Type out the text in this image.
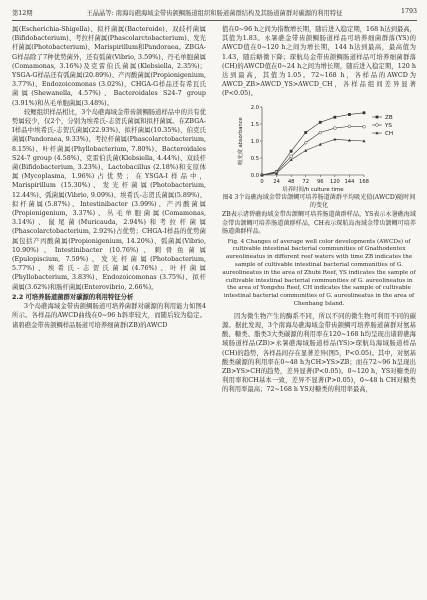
第12期	王晶晶等: 南海岛礁海域金带齿颌鲷肠道组织和肠道菌群结构及其肠道菌群对碳源的利用特征	1793

属(Escherichia-Shigella)、拟杆菌属(Bacteroide)、双歧杆菌属(Bifidobacterium)、考拉杆菌属(Phascolarctobacterium)、发光杆菌属(Photobacterium)、Marispirillum和Pandoraea。ZBGA-G样品除了7种优势菌外，还有弧菌(Vibrio, 3.59%)、丹毛单胞菌属(Comamonas, 3.16%)及克雷伯氏菌属(Klebsiella, 2.35%)；YSGA-G样品还有弧菌属(20.89%)、产丙酸菌属(Propionigenium, 3.77%)、Endozoicomonas (3.02%)，CHGA-G样品还有希瓦氏菌属(Shewanella, 4.57%)、Bacteroidales S24-7 group (3.91%)和丛毛单胞菌属(3.48%)。

较鲤组织样品相比，3个岛礁海域金带齿颌鲷肠道样品中的共有优势属较少，仅2个，分别为埃希氏-志贺氏菌属和拟杆菌属。在ZBGA-I样品中埃希氏-志贺氏菌属(22.93%)、拟杆菌属(10.35%)、伯克氏菌属(Pandoraea, 9.33%)、考拉杆菌属(Phascolarctobacterium, 8.15%)、叶杆菌属(Phyllobacterium, 7.80%)、Bacteroidales S24-7 group (4.58%)、克雷伯氏菌(Klebsiella, 4.44%)、双歧杆菌(Bifidobacterium, 3.23%)、Lactobacillus (2.18%)和支原体属(Mycoplasma, 1.96%)占优势；在YSGA-I样品中，Marispirillum (15.30%)、发光杆菌属(Photobacterium, 12.44%)、弧菌属(Vibrio, 9.09%)、埃希氏-志贺氏菌属(5.89%)、拟杆菌属(5.87%)、Intestinibacter (3.99%)、产丙酸菌属(Propionigenium, 3.37%)、丛毛单胞菌属(Comamonas, 3.14%)、鼠尾菌(Muricauda, 2.94%)和考拉杆菌属(Phascolarctobacterium, 2.92%)占优势；CHGA-I样品的优势菌属包括产丙酸菌属(Propionigenium, 14.20%)、弧菌属(Vibrio, 10.90%)、Intestinibacter (10.76%)、刺骨鱼菌属(Epulopiscium, 7.59%)、发光杆菌属(Photobacterium, 5.77%)、埃希氏-志贺氏菌属(4.76%)、叶杆菌属(Phyllobacterium, 3.83%)、Endozoicomonas (3.75%)、拟杆菌属(3.62%)和肠杆菌属(Enterovibrio, 2.66%)。

2.2 可培养肠道菌群对碳源的利用特征分析

3个岛礁海域金带齿颌鲷肠道可培养菌群对碳源的利用能力如图4所示。各样品的AWCD曲线在0~96 h斜率较大，而随后较为稳定。诸碧礁金带齿颌鲷样品肠道可培养细菌群(ZB)的AWCD

值在0~96 h之间为指数增长期，随后进入稳定期，168 h达到最高，其值为1.83。永暑礁金带齿颌鲷肠道样品可培养细菌群落(YS)的AWCD值在0~120 h之间为增长期，144 h达到最高，最高值为1.43，随后略微下降；琛航岛金带齿颌鲷肠道样品可培养细菌群落(CH)的AWCD值在0~24 h之间为增长期，随后进入稳定期，120 h达到最高，其值为1.05。72~168 h，各样品的AWCD为AWCD_ZB>AWCD_YS>AWCD_CH，各样品组间差异显著(P<0.05)。

0 24 48 72 96 120 144 168
0.0
0.5
1.0
1.5
2.0
培养时间/h culture time
吸光度 absorbance	ZB
YS
CH
图4 3个岛礁海域金带齿颌鲷可培养肠道菌群平均吸光值(AWCD)随时间的变化
ZB表示诸碧礁海域金带齿颌鲷可培养肠道菌群样品，YS表示永暑礁海域金带齿颌鲷可培养肠道菌群样品，CH表示琛航岛海域金带齿颌鲷可培养肠道菌群样品。
Fig. 4 Changes of average well color developments (AWCDs) of cultivable intestinal bacterial communities of Gnathodentex aureolineatus in different reef waters with time ZB indicates the sample of cultivable intestinal bacterial communities of G. aureolineatus in the area of Zhubi Reef, YS indicates the sample of cultivable intestinal bacterial communities of G. aureolineatus in the area of Yongshu Reef, CH indicates the sample of cultivable intestinal bacterial communities of G. aureolineatus in the area of Chenhang Island.

因为微生物产生的酶系不同，所以不同的微生物可利用不同的碳源。据此发现，3个南海岛礁海域金带齿颌鲷可培养肠道菌群对氨基酸、糖类、脂类3大类碳源的利用率在120~168 h均呈现出诸碧礁海域肠道样品(ZB)>永暑礁海域肠道样品(YS)>琛航岛海域肠道样品(CH)的趋势，各样品间存在显著差异(图5，P<0.05)。其中，对氨基酸类碳源的利用率在0~48 h为CH>YS>ZB；而在72~96 h呈现出ZB>YS>CH的趋势，差异显著(P<0.05)。0~120 h，YS对糖类的利用率和CH基本一致，差异不显著(P>0.05)，0~48 h CH对糖类的利用率最高；72~168 h YS对糖类的利用率最高，
